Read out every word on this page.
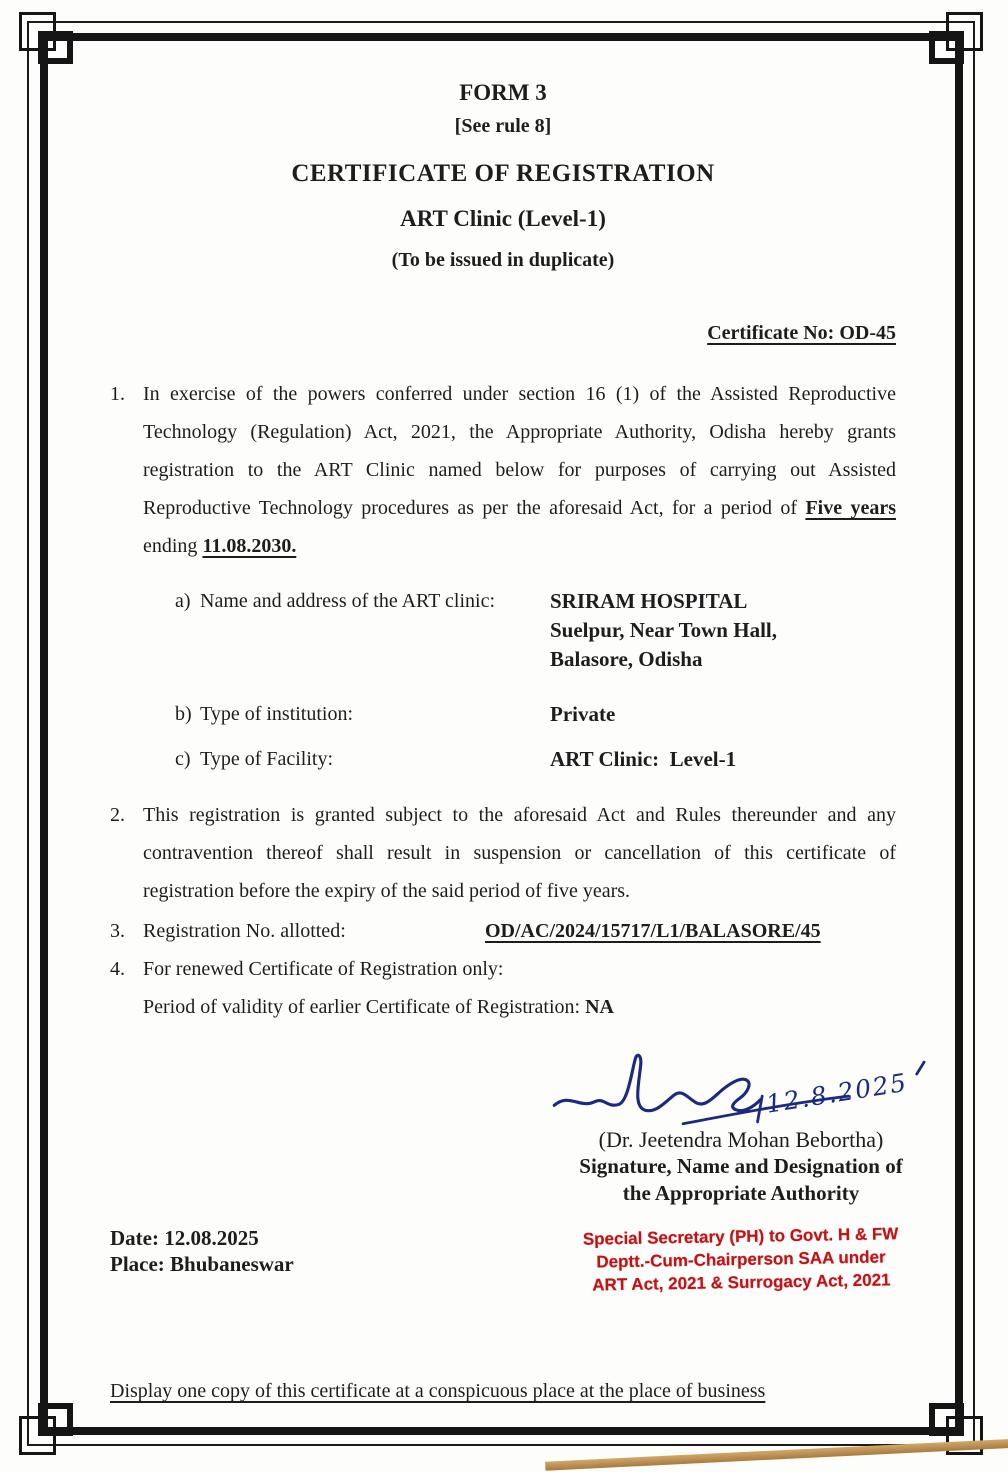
FORM 3
[See rule 8]
CERTIFICATE OF REGISTRATION
ART Clinic (Level-1)
(To be issued in duplicate)
Certificate No: OD-45
1. In exercise of the powers conferred under section 16 (1) of the Assisted Reproductive Technology (Regulation) Act, 2021, the Appropriate Authority, Odisha hereby grants registration to the ART Clinic named below for purposes of carrying out Assisted Reproductive Technology procedures as per the aforesaid Act, for a period of Five years ending 11.08.2030.
a) Name and address of the ART clinic:	SRIRAM HOSPITAL
Suelpur, Near Town Hall,
Balasore, Odisha
b) Type of institution:	Private
c) Type of Facility:	ART Clinic:  Level-1
2. This registration is granted subject to the aforesaid Act and Rules thereunder and any contravention thereof shall result in suspension or cancellation of this certificate of registration before the expiry of the said period of five years.
3. Registration No. allotted:	OD/AC/2024/15717/L1/BALASORE/45
4. For renewed Certificate of Registration only:
Period of validity of earlier Certificate of Registration: NA
12.8.2025
(Dr. Jeetendra Mohan Bebortha)
Signature, Name and Designation of
the Appropriate Authority
Date: 12.08.2025
Place: Bhubaneswar
Special Secretary (PH) to Govt. H & FW
Deptt.-Cum-Chairperson SAA under
ART Act, 2021 & Surrogacy Act, 2021
Display one copy of this certificate at a conspicuous place at the place of business
